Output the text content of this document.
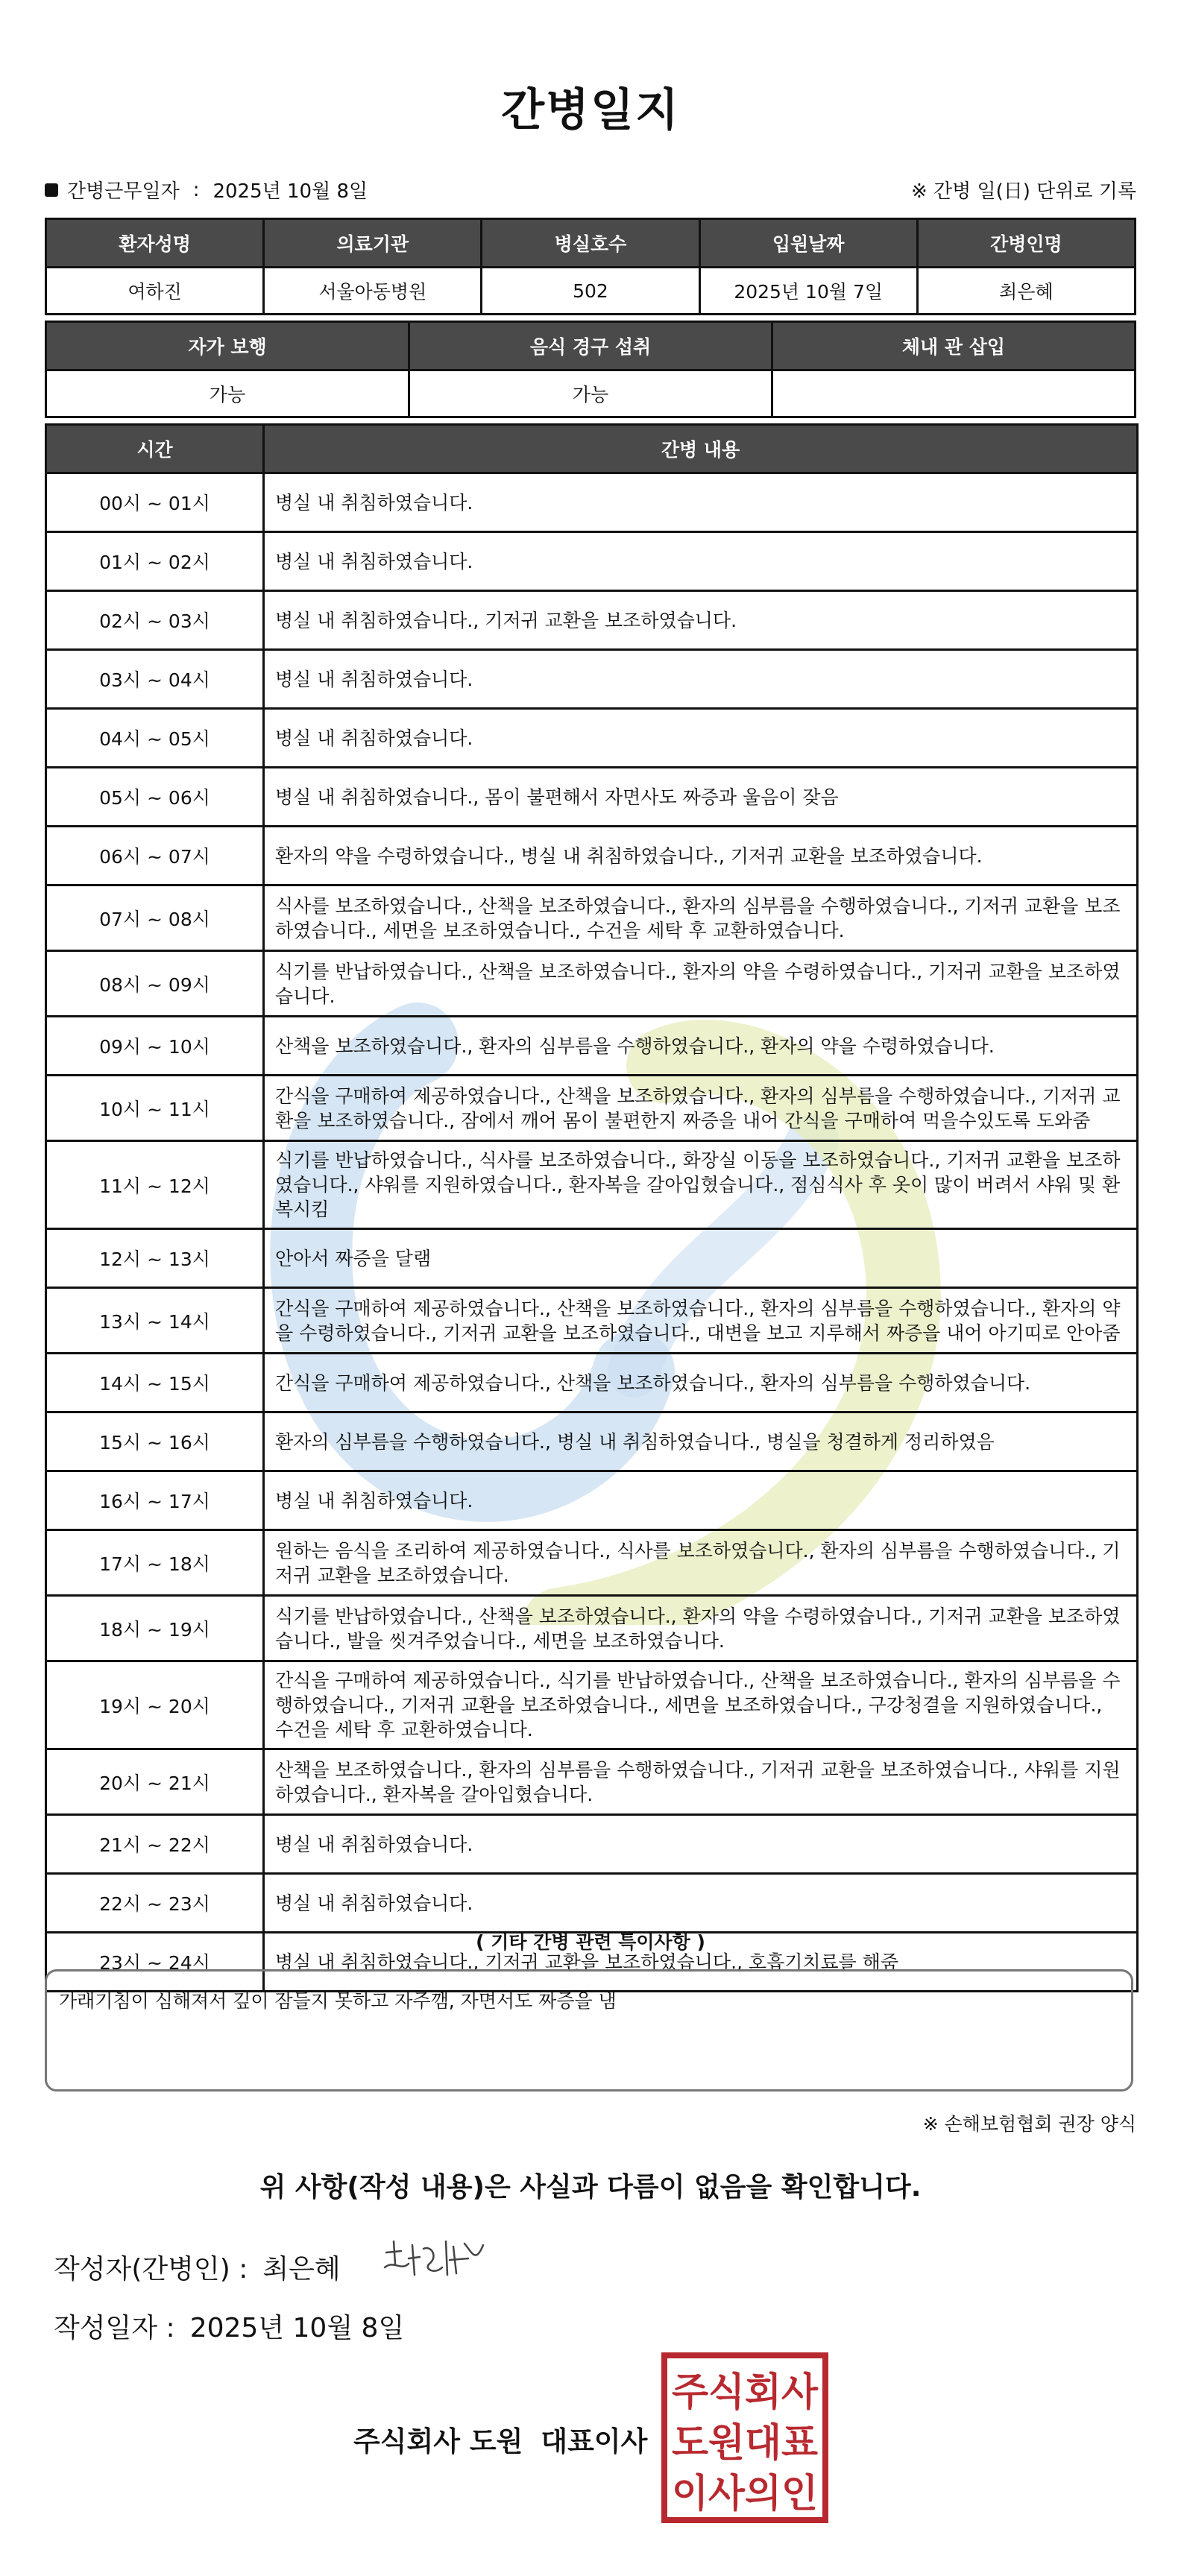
간병일지
간병근무일자 : 2025년 10월 8일	※ 간병 일(日) 단위로 기록
환자성명	의료기관	병실호수	입원날짜	간병인명
여하진	서울아동병원	502	2025년 10월 7일	최은혜
자가 보행	음식 경구 섭취	체내 관 삽입
가능	가능	
시간	간병 내용
00시 ~ 01시	병실 내 취침하였습니다.
01시 ~ 02시	병실 내 취침하였습니다.
02시 ~ 03시	병실 내 취침하였습니다., 기저귀 교환을 보조하였습니다.
03시 ~ 04시	병실 내 취침하였습니다.
04시 ~ 05시	병실 내 취침하였습니다.
05시 ~ 06시	병실 내 취침하였습니다., 몸이 불편해서 자면사도 짜증과 울음이 잦음
06시 ~ 07시	환자의 약을 수령하였습니다., 병실 내 취침하였습니다., 기저귀 교환을 보조하였습니다.
07시 ~ 08시	식사를 보조하였습니다., 산책을 보조하였습니다., 환자의 심부름을 수행하였습니다., 기저귀 교환을 보조하였습니다., 세면을 보조하였습니다., 수건을 세탁 후 교환하였습니다.
08시 ~ 09시	식기를 반납하였습니다., 산책을 보조하였습니다., 환자의 약을 수령하였습니다., 기저귀 교환을 보조하였습니다.
09시 ~ 10시	산책을 보조하였습니다., 환자의 심부름을 수행하였습니다., 환자의 약을 수령하였습니다.
10시 ~ 11시	간식을 구매하여 제공하였습니다., 산책을 보조하였습니다., 환자의 심부름을 수행하였습니다., 기저귀 교환을 보조하였습니다., 잠에서 깨어 몸이 불편한지 짜증을 내어 간식을 구매하여 먹을수있도록 도와줌
11시 ~ 12시	식기를 반납하였습니다., 식사를 보조하였습니다., 화장실 이동을 보조하였습니다., 기저귀 교환을 보조하였습니다., 샤워를 지원하였습니다., 환자복을 갈아입혔습니다., 점심식사 후 옷이 많이 버려서 샤워 및 환복시킴
12시 ~ 13시	안아서 짜증을 달램
13시 ~ 14시	간식을 구매하여 제공하였습니다., 산책을 보조하였습니다., 환자의 심부름을 수행하였습니다., 환자의 약을 수령하였습니다., 기저귀 교환을 보조하였습니다., 대변을 보고 지루해서 짜증을 내어 아기띠로 안아줌
14시 ~ 15시	간식을 구매하여 제공하였습니다., 산책을 보조하였습니다., 환자의 심부름을 수행하였습니다.
15시 ~ 16시	환자의 심부름을 수행하였습니다., 병실 내 취침하였습니다., 병실을 청결하게 정리하였음
16시 ~ 17시	병실 내 취침하였습니다.
17시 ~ 18시	원하는 음식을 조리하여 제공하였습니다., 식사를 보조하였습니다., 환자의 심부름을 수행하였습니다., 기저귀 교환을 보조하였습니다.
18시 ~ 19시	식기를 반납하였습니다., 산책을 보조하였습니다., 환자의 약을 수령하였습니다., 기저귀 교환을 보조하였습니다., 발을 씻겨주었습니다., 세면을 보조하였습니다.
19시 ~ 20시	간식을 구매하여 제공하였습니다., 식기를 반납하였습니다., 산책을 보조하였습니다., 환자의 심부름을 수행하였습니다., 기저귀 교환을 보조하였습니다., 세면을 보조하였습니다., 구강청결을 지원하였습니다., 수건을 세탁 후 교환하였습니다.
20시 ~ 21시	산책을 보조하였습니다., 환자의 심부름을 수행하였습니다., 기저귀 교환을 보조하였습니다., 샤워를 지원하였습니다., 환자복을 갈아입혔습니다.
21시 ~ 22시	병실 내 취침하였습니다.
22시 ~ 23시	병실 내 취침하였습니다.
23시 ~ 24시	병실 내 취침하였습니다., 기저귀 교환을 보조하였습니다., 호흡기치료를 해줌
( 기타 간병 관련 특이사항 )
가래기침이 심해져서 깊이 잠들지 못하고 자주깸, 자면서도 짜증을 냄
※ 손해보험협회 권장 양식
위 사항(작성 내용)은 사실과 다름이 없음을 확인합니다.
작성자(간병인) : 최은혜
작성일자 : 2025년 10월 8일
주식회사 도원 대표이사
주식회사
도원대표
이사의인
